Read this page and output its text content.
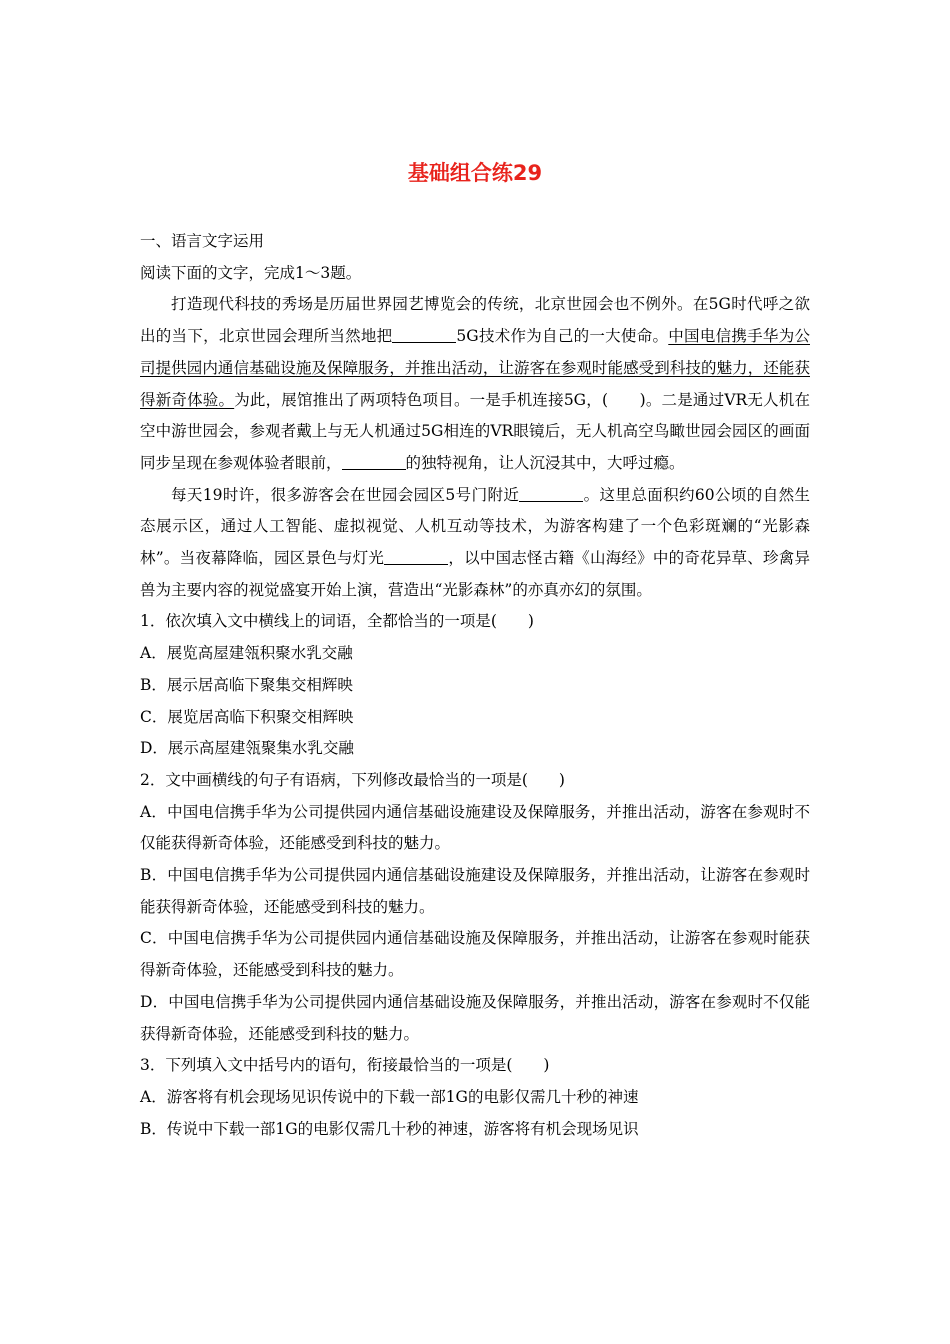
基础组合练29

一、语言文字运用

阅读下面的文字，完成1～3题。

打造现代科技的秀场是历届世界园艺博览会的传统，北京世园会也不例外。在5G时代呼之欲出的当下，北京世园会理所当然地把	5G技术作为自己的一大使命。中国电信携手华为公司提供园内通信基础设施及保障服务，并推出活动，让游客在参观时能感受到科技的魅力，还能获得新奇体验。为此，展馆推出了两项特色项目。一是手机连接5G，(　　)。二是通过VR无人机在空中游世园会，参观者戴上与无人机通过5G相连的VR眼镜后，无人机高空鸟瞰世园会园区的画面同步呈现在参观体验者眼前，	的独特视角，让人沉浸其中，大呼过瘾。

每天19时许，很多游客会在世园会园区5号门附近	。这里总面积约60公顷的自然生态展示区，通过人工智能、虚拟视觉、人机互动等技术，为游客构建了一个色彩斑斓的“光影森林”。当夜幕降临，园区景色与灯光	，以中国志怪古籍《山海经》中的奇花异草、珍禽异兽为主要内容的视觉盛宴开始上演，营造出“光影森林”的亦真亦幻的氛围。

1．依次填入文中横线上的词语，全都恰当的一项是(　　)

A．展览高屋建瓴积聚水乳交融

B．展示居高临下聚集交相辉映

C．展览居高临下积聚交相辉映

D．展示高屋建瓴聚集水乳交融

2．文中画横线的句子有语病，下列修改最恰当的一项是(　　)

A．中国电信携手华为公司提供园内通信基础设施建设及保障服务，并推出活动，游客在参观时不仅能获得新奇体验，还能感受到科技的魅力。

B．中国电信携手华为公司提供园内通信基础设施建设及保障服务，并推出活动，让游客在参观时能获得新奇体验，还能感受到科技的魅力。

C．中国电信携手华为公司提供园内通信基础设施及保障服务，并推出活动，让游客在参观时能获得新奇体验，还能感受到科技的魅力。

D．中国电信携手华为公司提供园内通信基础设施及保障服务，并推出活动，游客在参观时不仅能获得新奇体验，还能感受到科技的魅力。

3．下列填入文中括号内的语句，衔接最恰当的一项是(　　)

A．游客将有机会现场见识传说中的下载一部1G的电影仅需几十秒的神速

B．传说中下载一部1G的电影仅需几十秒的神速，游客将有机会现场见识
